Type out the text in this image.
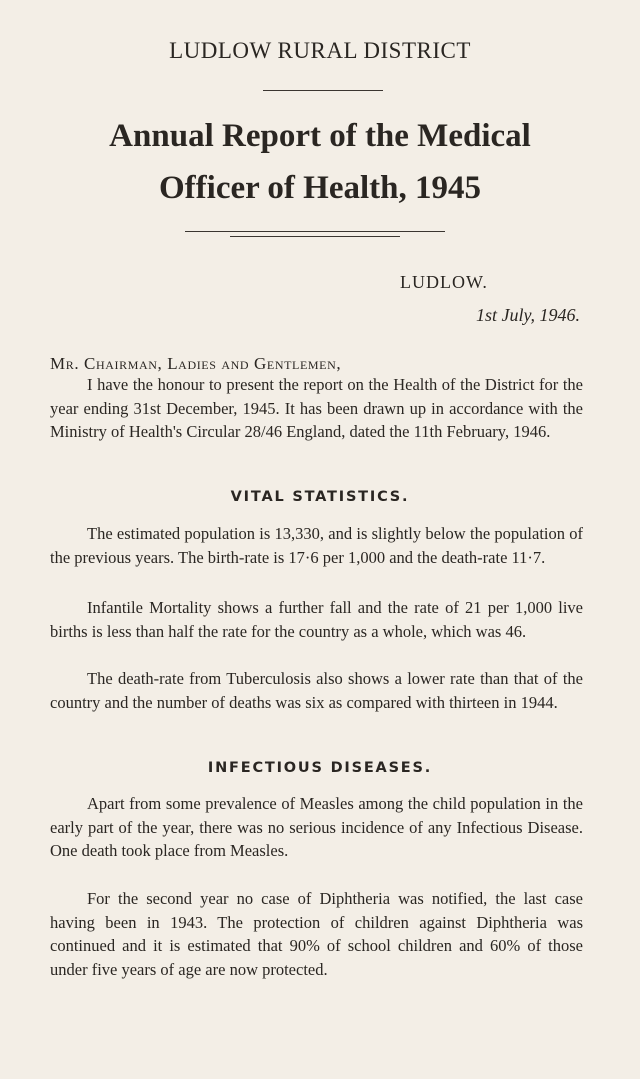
LUDLOW RURAL DISTRICT
Annual Report of the Medical
Officer of Health, 1945
LUDLOW.
1st July, 1946.
Mr. Chairman, Ladies and Gentlemen,
I have the honour to present the report on the Health of the District for the year ending 31st December, 1945. It has been drawn up in accordance with the Ministry of Health's Circular 28/46 England, dated the 11th February, 1946.
VITAL STATISTICS.
The estimated population is 13,330, and is slightly below the population of the previous years. The birth-rate is 17·6 per 1,000 and the death-rate 11·7.
Infantile Mortality shows a further fall and the rate of 21 per 1,000 live births is less than half the rate for the country as a whole, which was 46.
The death-rate from Tuberculosis also shows a lower rate than that of the country and the number of deaths was six as compared with thirteen in 1944.
INFECTIOUS DISEASES.
Apart from some prevalence of Measles among the child population in the early part of the year, there was no serious incidence of any Infectious Disease. One death took place from Measles.
For the second year no case of Diphtheria was notified, the last case having been in 1943. The protection of children against Diphtheria was continued and it is estimated that 90% of school children and 60% of those under five years of age are now protected.
